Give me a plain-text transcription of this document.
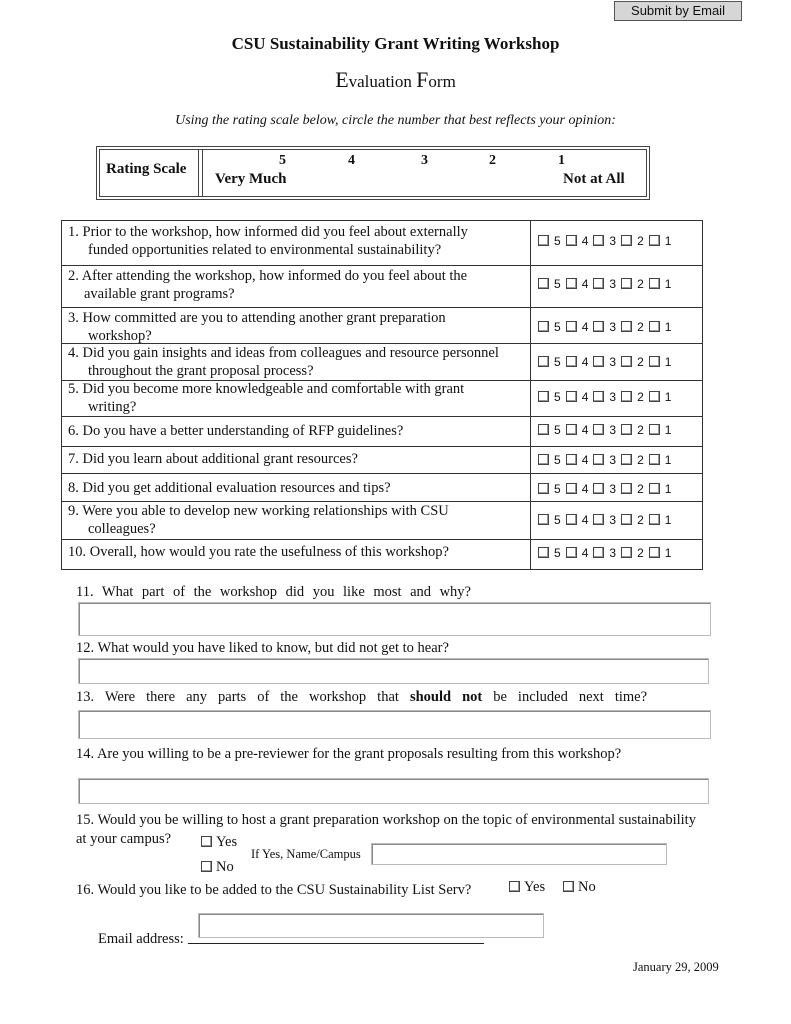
Submit by Email
CSU Sustainability Grant Writing Workshop
Evaluation Form
Using the rating scale below, circle the number that best reflects your opinion:
Rating Scale
5	4	3	2	1
Very Much	Not at All
1. Prior to the workshop, how informed did you feel about externally
funded opportunities related to environmental sustainability?
5 4 3 2 1
2. After attending the workshop, how informed do you feel about the
available grant programs?
5 4 3 2 1
3. How committed are you to attending another grant preparation
workshop?
5 4 3 2 1
4. Did you gain insights and ideas from colleagues and resource personnel
throughout the grant proposal process?
5 4 3 2 1
5. Did you become more knowledgeable and comfortable with grant
writing?
5 4 3 2 1
6. Do you have a better understanding of RFP guidelines?	5 4 3 2 1
7. Did you learn about additional grant resources?	5 4 3 2 1
8. Did you get additional evaluation resources and tips?	5 4 3 2 1
9. Were you able to develop new working relationships with CSU
colleagues?
5 4 3 2 1
10. Overall, how would you rate the usefulness of this workshop?	5 4 3 2 1
11. What part of the workshop did you like most and why?
12. What would you have liked to know, but did not get to hear?
13. Were there any parts of the workshop that should not be included next time?
14. Are you willing to be a pre-reviewer for the grant proposals resulting from this workshop?
15. Would you be willing to host a grant preparation workshop on the topic of environmental sustainability
at your campus?	Yes
No
If Yes, Name/Campus
16. Would you like to be added to the CSU Sustainability List Serv?	Yes	No
Email address:
January 29, 2009
